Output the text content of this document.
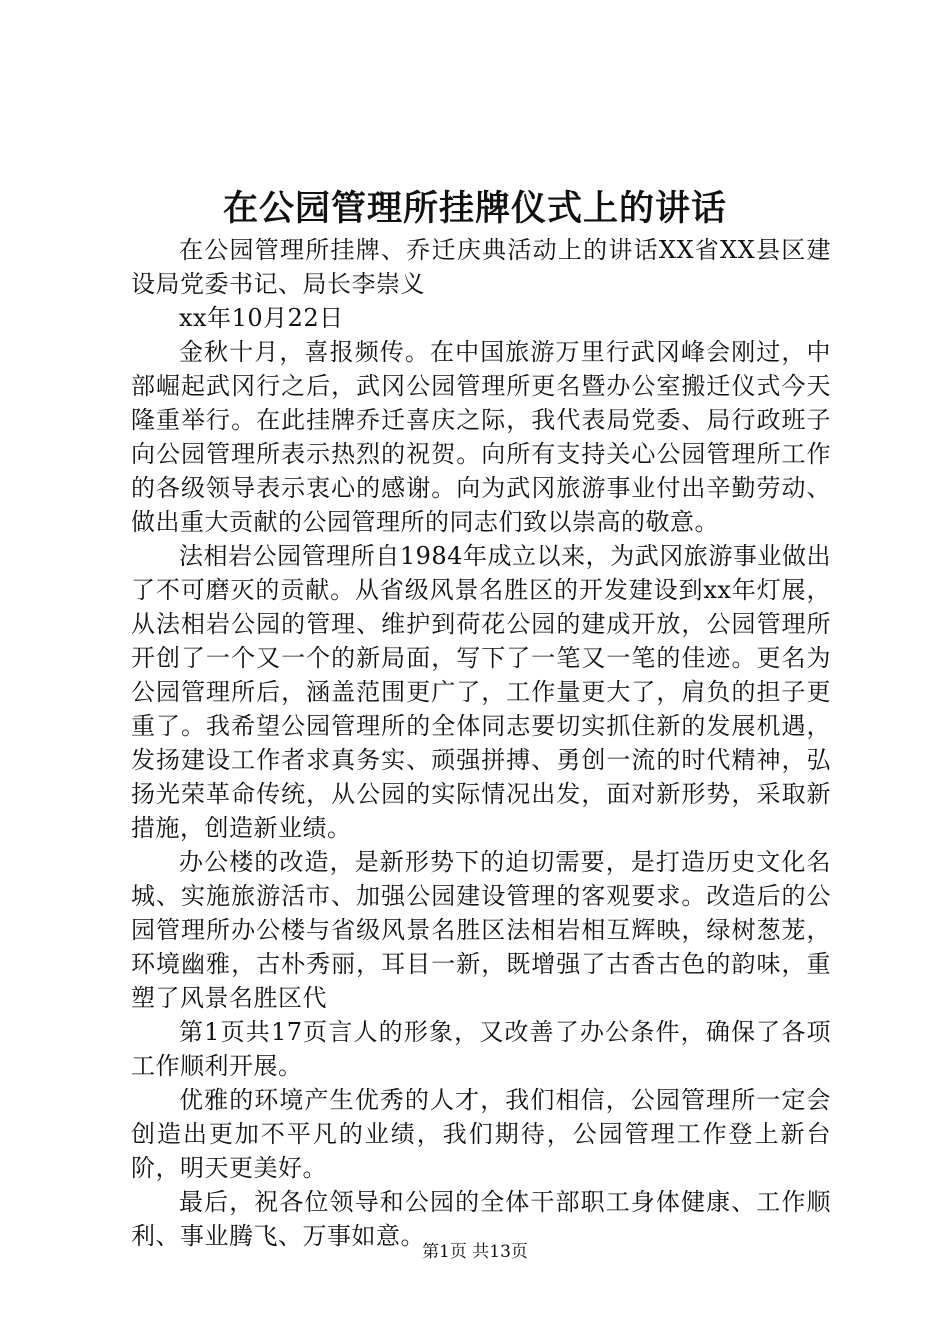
在公园管理所挂牌仪式上的讲话

在公园管理所挂牌、乔迁庆典活动上的讲话XX省XX县区建设局党委书记、局长李崇义

xx年10月22日

金秋十月，喜报频传。在中国旅游万里行武冈峰会刚过，中部崛起武冈行之后，武冈公园管理所更名暨办公室搬迁仪式今天隆重举行。在此挂牌乔迁喜庆之际，我代表局党委、局行政班子向公园管理所表示热烈的祝贺。向所有支持关心公园管理所工作的各级领导表示衷心的感谢。向为武冈旅游事业付出辛勤劳动、做出重大贡献的公园管理所的同志们致以崇高的敬意。

法相岩公园管理所自1984年成立以来，为武冈旅游事业做出了不可磨灭的贡献。从省级风景名胜区的开发建设到xx年灯展，从法相岩公园的管理、维护到荷花公园的建成开放，公园管理所开创了一个又一个的新局面，写下了一笔又一笔的佳迹。更名为公园管理所后，涵盖范围更广了，工作量更大了，肩负的担子更重了。我希望公园管理所的全体同志要切实抓住新的发展机遇，发扬建设工作者求真务实、顽强拼搏、勇创一流的时代精神，弘扬光荣革命传统，从公园的实际情况出发，面对新形势，采取新措施，创造新业绩。

办公楼的改造，是新形势下的迫切需要，是打造历史文化名城、实施旅游活市、加强公园建设管理的客观要求。改造后的公园管理所办公楼与省级风景名胜区法相岩相互辉映，绿树葱茏，环境幽雅，古朴秀丽，耳目一新，既增强了古香古色的韵味，重塑了风景名胜区代

第1页共17页言人的形象，又改善了办公条件，确保了各项工作顺利开展。

优雅的环境产生优秀的人才，我们相信，公园管理所一定会创造出更加不平凡的业绩，我们期待，公园管理工作登上新台阶，明天更美好。

最后，祝各位领导和公园的全体干部职工身体健康、工作顺利、事业腾飞、万事如意。

第1页 共13页
